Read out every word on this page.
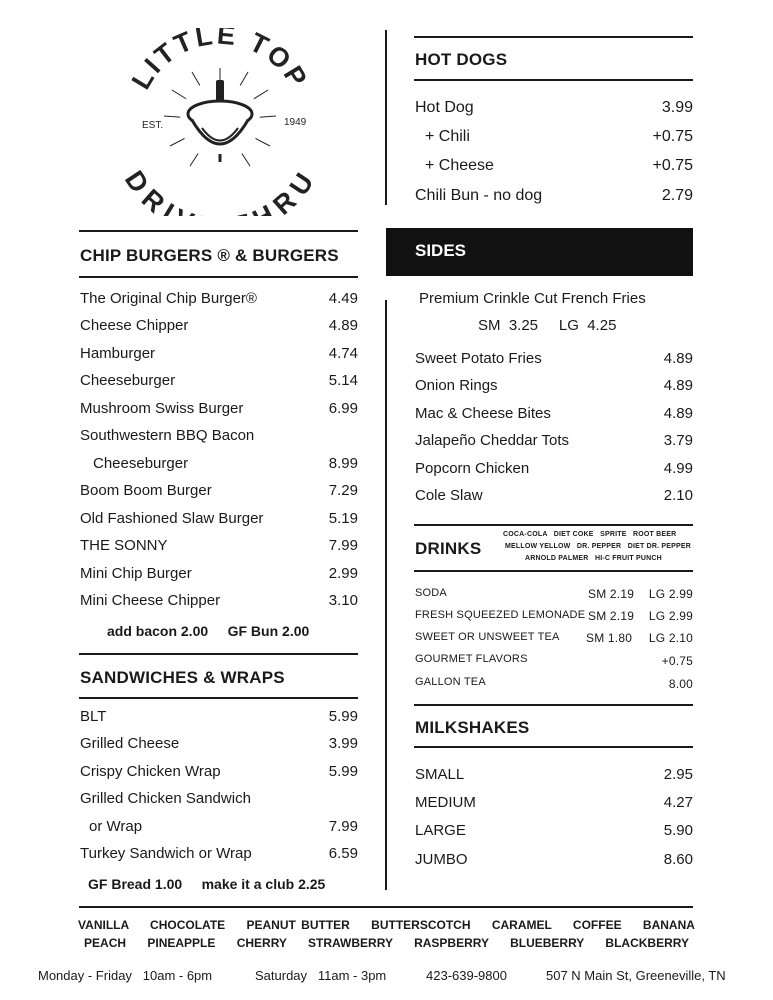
LITTLE TOP
DRI RU
EST.	1949
CHIP BURGERS ® & BURGERS
The Original Chip Burger®	4.49
Cheese Chipper	4.89
Hamburger	4.74
Cheeseburger	5.14
Mushroom Swiss Burger	6.99
Southwestern BBQ Bacon
Cheeseburger	8.99
Boom Boom Burger	7.29
Old Fashioned Slaw Burger	5.19
THE SONNY	7.99
Mini Chip Burger	2.99
Mini Cheese Chipper	3.10
add bacon 2.00     GF Bun 2.00
SANDWICHES & WRAPS
BLT	5.99
Grilled Cheese	3.99
Crispy Chicken Wrap	5.99
Grilled Chicken Sandwich
or Wrap	7.99
Turkey Sandwich or Wrap	6.59
GF Bread 1.00     make it a club 2.25
HOT DOGS
Hot Dog	3.99
+ Chili	+0.75
+ Cheese	+0.75
Chili Bun - no dog	2.79
SIDES
Premium Crinkle Cut French Fries
SM  3.25     LG  4.25
Sweet Potato Fries	4.89
Onion Rings	4.89
Mac & Cheese Bites	4.89
Jalapeño Cheddar Tots	3.79
Popcorn Chicken	4.99
Cole Slaw	2.10
DRINKS
COCA-COLA   DIET COKE   SPRITE   ROOT BEER
MELLOW YELLOW   DR. PEPPER   DIET DR. PEPPER
ARNOLD PALMER   HI-C FRUIT PUNCH
SODA	SM 2.19 LG 2.99
FRESH SQUEEZED LEMONADE SM 2.19 LG 2.99
SWEET OR UNSWEET TEA SM 1.80 LG 2.10
GOURMET FLAVORS	+0.75
GALLON TEA	8.00
MILKSHAKES
SMALL	2.95
MEDIUM	4.27
LARGE	5.90
JUMBO	8.60
VANILLA    CHOCOLATE    PEANUT BUTTER    BUTTERSCOTCH    CARAMEL    COFFEE    BANANA
PEACH    PINEAPPLE    CHERRY    STRAWBERRY    RASPBERRY    BLUEBERRY    BLACKBERRY
Monday - Friday   10am - 6pm	Saturday   11am - 3pm	423-639-9800	507 N Main St, Greeneville, TN
